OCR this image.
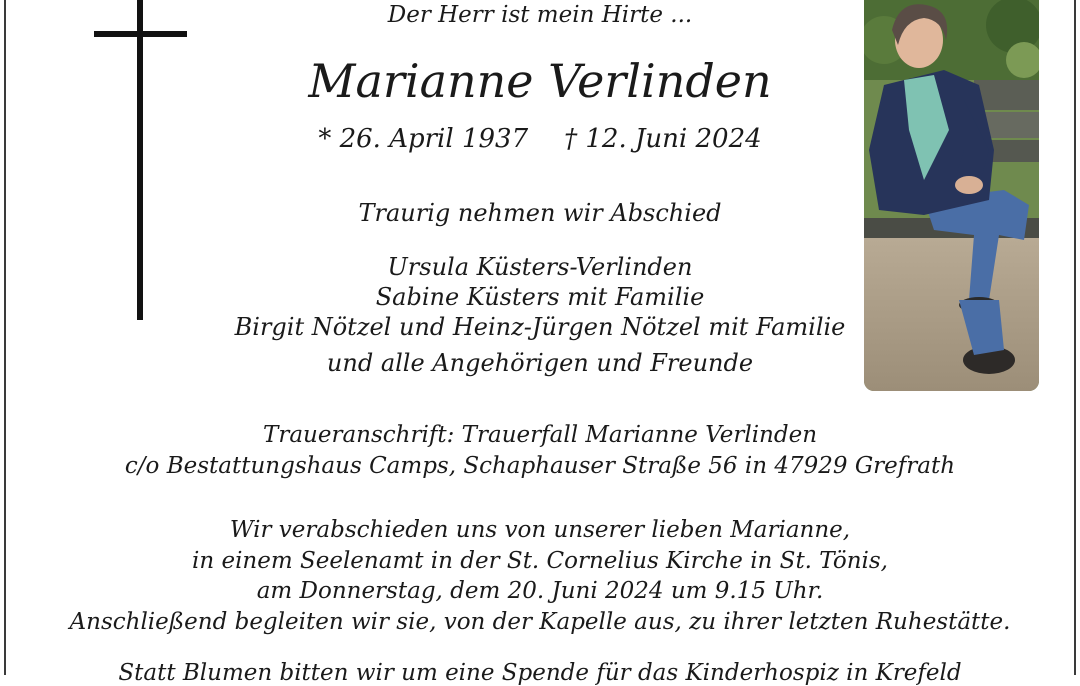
Der Herr ist mein Hirte ...
Marianne Verlinden
* 26. April 1937 † 12. Juni 2024
Traurig nehmen wir Abschied
Ursula Küsters-Verlinden
Sabine Küsters mit Familie
Birgit Nötzel und Heinz-Jürgen Nötzel mit Familie
und alle Angehörigen und Freunde
Traueranschrift: Trauerfall Marianne Verlinden
c/o Bestattungshaus Camps, Schaphauser Straße 56 in 47929 Grefrath
Wir verabschieden uns von unserer lieben Marianne,
in einem Seelenamt in der St. Cornelius Kirche in St. Tönis,
am Donnerstag, dem 20. Juni 2024 um 9.15 Uhr.
Anschließend begleiten wir sie, von der Kapelle aus, zu ihrer letzten Ruhestätte.
Statt Blumen bitten wir um eine Spende für das Kinderhospiz in Krefeld
